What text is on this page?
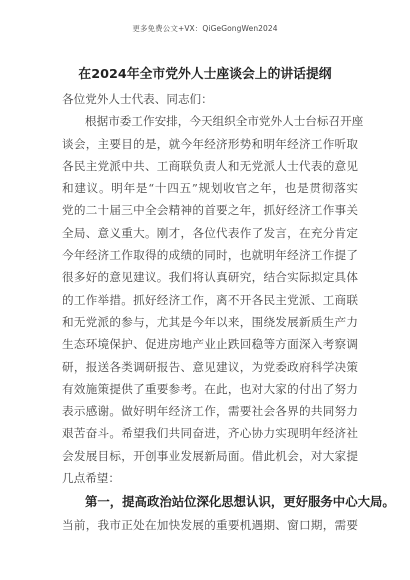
更多免费公文+VX：QiGeGongWen2024
在2024年全市党外人士座谈会上的讲话提纲
各位党外人士代表、同志们：
根据市委工作安排，今天组织全市党外人士台标召开座
谈会，主要目的是，就今年经济形势和明年经济工作听取
各民主党派中共、工商联负责人和无党派人士代表的意见
和建议。明年是“十四五”规划收官之年，也是贯彻落实
党的二十届三中全会精神的首要之年，抓好经济工作事关
全局、意义重大。刚才，各位代表作了发言，在充分肯定
今年经济工作取得的成绩的同时，也就明年经济工作提了
很多好的意见建议。我们将认真研究，结合实际拟定具体
的工作举措。抓好经济工作，离不开各民主党派、工商联
和无党派的参与，尤其是今年以来，围绕发展新质生产力
生态环境保护、促进房地产业止跌回稳等方面深入考察调
研，报送各类调研报告、意见建议，为党委政府科学决策
有效施策提供了重要参考。在此，也对大家的付出了努力
表示感谢。做好明年经济工作，需要社会各界的共同努力
艰苦奋斗。希望我们共同奋进，齐心协力实现明年经济社
会发展目标，开创事业发展新局面。借此机会，对大家提
几点希望：
第一，提高政治站位深化思想认识，更好服务中心大局。
当前，我市正处在加快发展的重要机遇期、窗口期，需要
